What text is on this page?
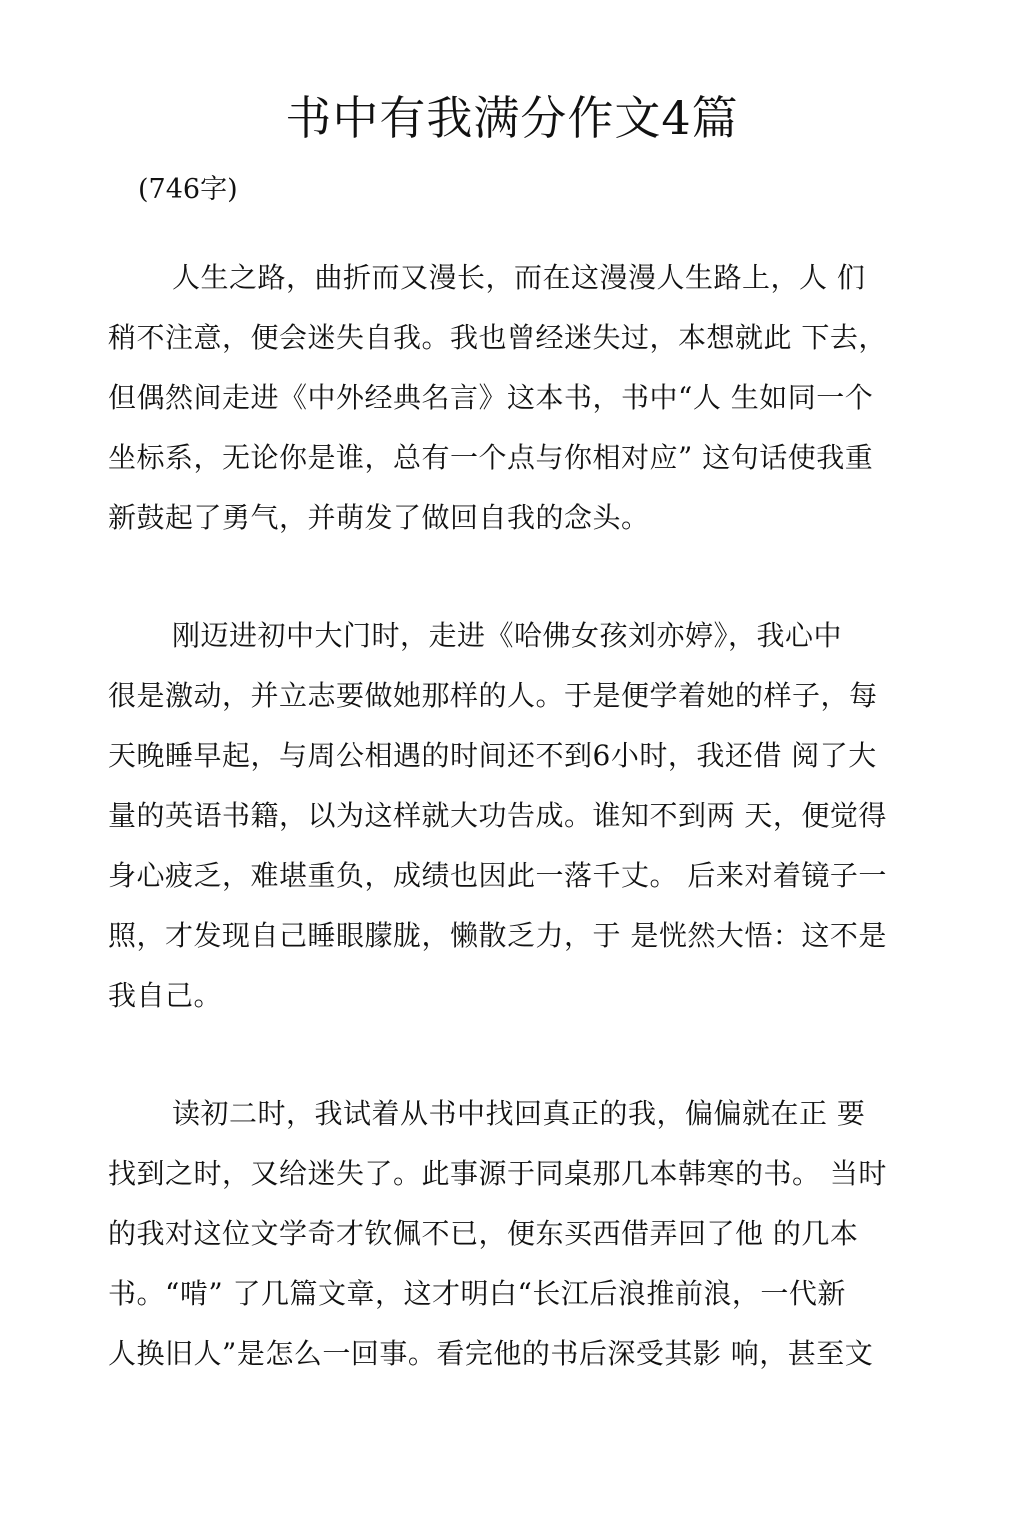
书中有我满分作文4篇
(746字)
人生之路，曲折而又漫长，而在这漫漫人生路上，人 们
稍不注意，便会迷失自我。我也曾经迷失过，本想就此 下去，
但偶然间走进《中外经典名言》这本书，书中“人 生如同一个
坐标系，无论你是谁，总有一个点与你相对应” 这句话使我重
新鼓起了勇气，并萌发了做回自我的念头。
刚迈进初中大门时，走进《哈佛女孩刘亦婷》，我心中
很是激动，并立志要做她那样的人。于是便学着她的样子，每
天晚睡早起，与周公相遇的时间还不到6小时，我还借 阅了大
量的英语书籍，以为这样就大功告成。谁知不到两 天，便觉得
身心疲乏，难堪重负，成绩也因此一落千丈。 后来对着镜子一
照，才发现自己睡眼朦胧，懒散乏力，于 是恍然大悟：这不是
我自己。
读初二时，我试着从书中找回真正的我，偏偏就在正 要
找到之时，又给迷失了。此事源于同桌那几本韩寒的书。 当时
的我对这位文学奇才钦佩不已，便东买西借弄回了他 的几本
书。“啃” 了几篇文章，这才明白“长江后浪推前浪，一代新
人换旧人”是怎么一回事。看完他的书后深受其影 响，甚至文
